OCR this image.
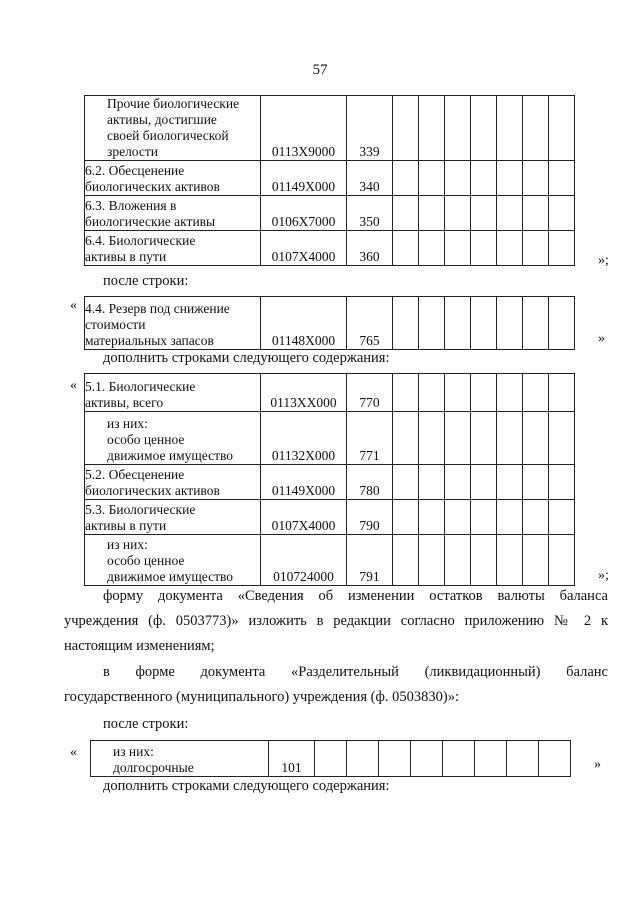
57
Прочие биологические
активы, достигшие
своей биологической
зрелости	0113X9000	339							

6.2. Обесценение
биологических активов	01149X000	340							

6.3. Вложения в
биологические активы	0106X7000	350							

6.4. Биологические
активы в пути	0107X4000	360								»;
после строки:
« 4.4. Резерв под снижение
стоимости
материальных запасов	01148X000	765								»
дополнить строками следующего содержания:
« 5.1. Биологические
активы, всего	0113XX000	770							

из них:
особо ценное
движимое имущество	01132X000	771							

5.2. Обесценение
биологических активов	01149X000	780							

5.3. Биологические
активы в пути	0107X4000	790							

из них:
особо ценное
движимое имущество	010724000	791								»;
форму документа «Сведения об изменении остатков валюты баланса
учреждения (ф. 0503773)» изложить в редакции согласно приложению № 2 к
настоящим изменениям;
в форме документа «Разделительный (ликвидационный) баланс
государственного (муниципального) учреждения (ф. 0503830)»:
после строки:
«	из них:
долгосрочные	101									»
дополнить строками следующего содержания:
